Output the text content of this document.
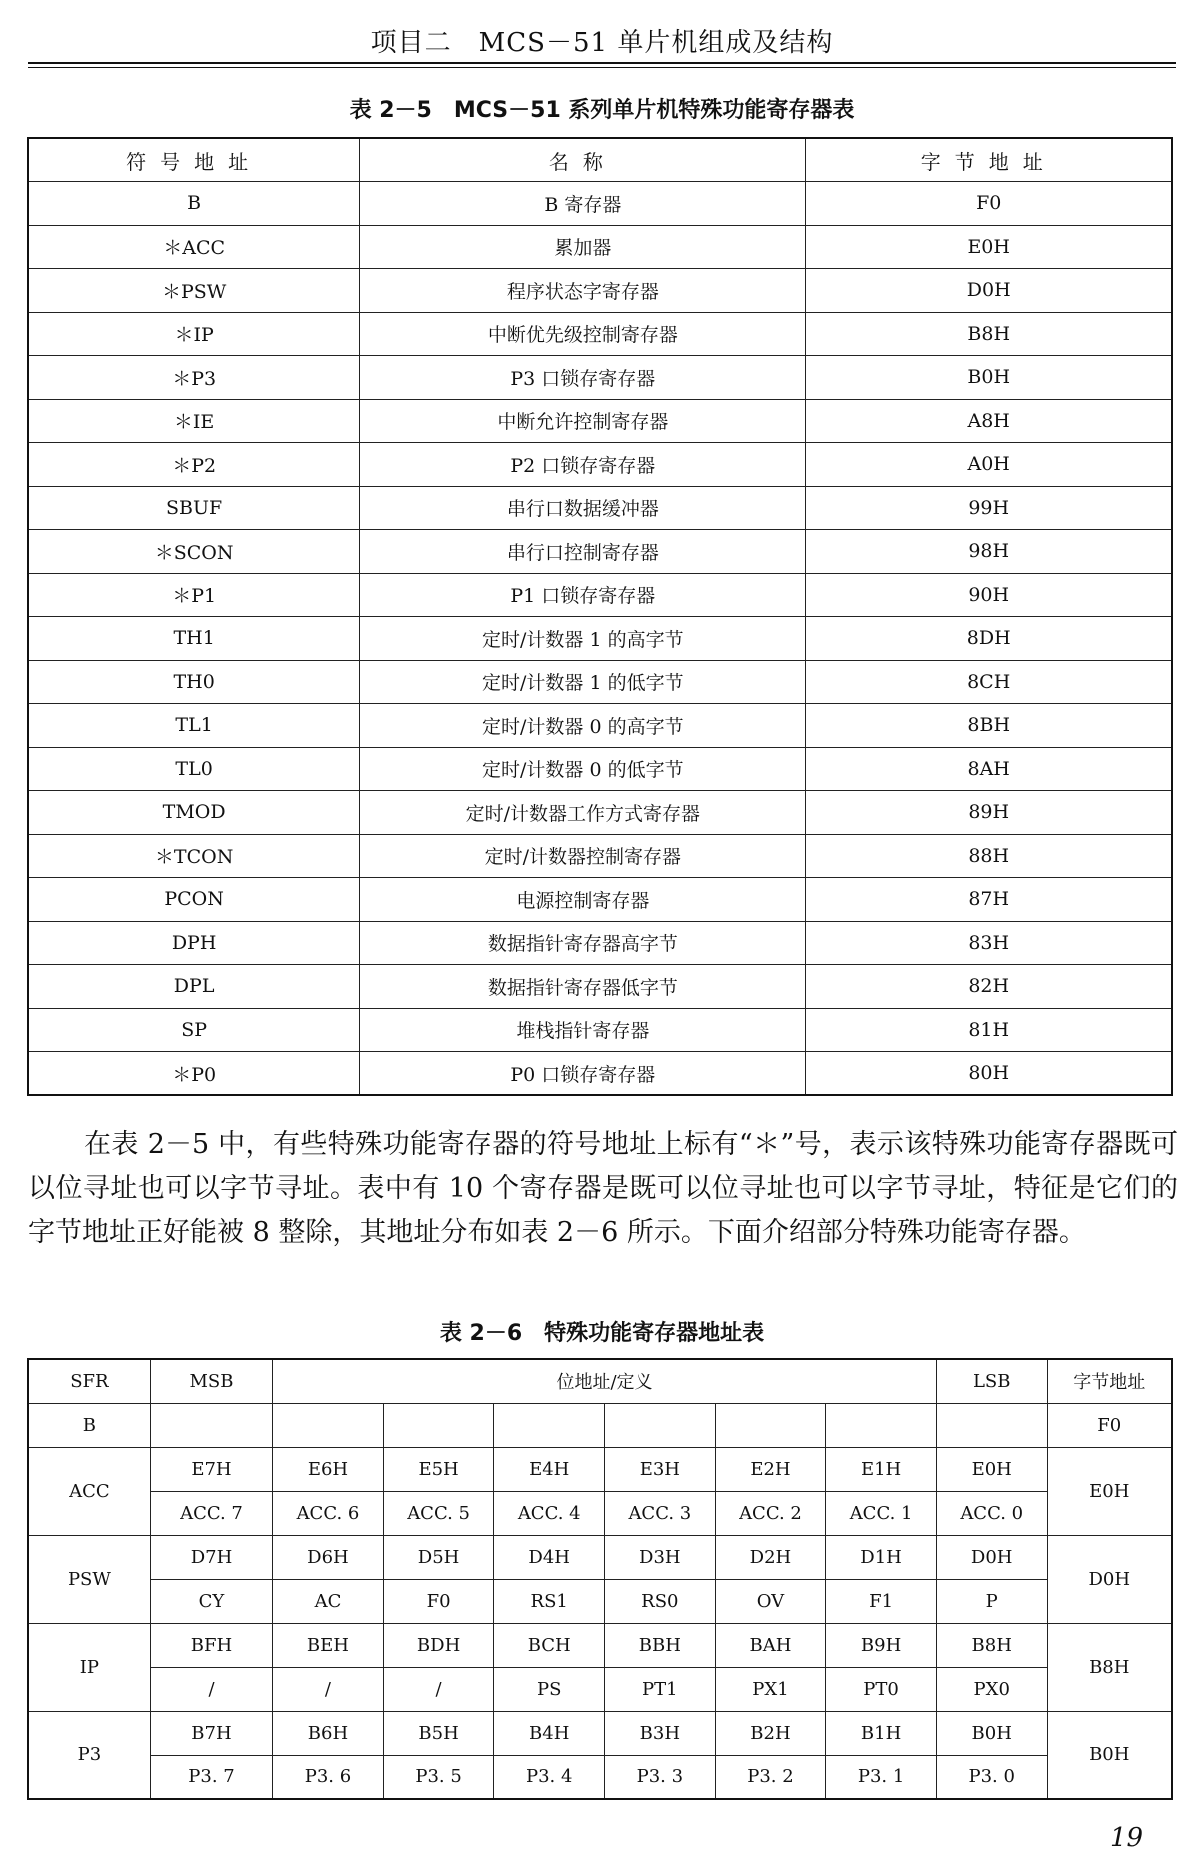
项目二　MCS－51 单片机组成及结构
表 2－5　MCS－51 系列单片机特殊功能寄存器表
符号地址	名称	字节地址
B	B 寄存器	F0
＊ACC	累加器	E0H
＊PSW	程序状态字寄存器	D0H
＊IP	中断优先级控制寄存器	B8H
＊P3	P3 口锁存寄存器	B0H
＊IE	中断允许控制寄存器	A8H
＊P2	P2 口锁存寄存器	A0H
SBUF	串行口数据缓冲器	99H
＊SCON	串行口控制寄存器	98H
＊P1	P1 口锁存寄存器	90H
TH1	定时/计数器 1 的高字节	8DH
TH0	定时/计数器 1 的低字节	8CH
TL1	定时/计数器 0 的高字节	8BH
TL0	定时/计数器 0 的低字节	8AH
TMOD	定时/计数器工作方式寄存器	89H
＊TCON	定时/计数器控制寄存器	88H
PCON	电源控制寄存器	87H
DPH	数据指针寄存器高字节	83H
DPL	数据指针寄存器低字节	82H
SP	堆栈指针寄存器	81H
＊P0	P0 口锁存寄存器	80H
在表 2－5 中，有些特殊功能寄存器的符号地址上标有“＊”号，表示该特殊功能寄存器既可以位寻址也可以字节寻址。表中有 10 个寄存器是既可以位寻址也可以字节寻址，特征是它们的字节地址正好能被 8 整除，其地址分布如表 2－6 所示。下面介绍部分特殊功能寄存器。
表 2－6　特殊功能寄存器地址表
SFR	MSB	位地址/定义						LSB	字节地址
B									F0
ACC	E7H	E6H	E5H	E4H	E3H	E2H	E1H	E0H	E0H
	ACC. 7	ACC. 6	ACC. 5	ACC. 4	ACC. 3	ACC. 2	ACC. 1	ACC. 0	
PSW	D7H	D6H	D5H	D4H	D3H	D2H	D1H	D0H	D0H
	CY	AC	F0	RS1	RS0	OV	F1	P	
IP	BFH	BEH	BDH	BCH	BBH	BAH	B9H	B8H	B8H
	/	/	/	PS	PT1	PX1	PT0	PX0	
P3	B7H	B6H	B5H	B4H	B3H	B2H	B1H	B0H	B0H
	P3. 7	P3. 6	P3. 5	P3. 4	P3. 3	P3. 2	P3. 1	P3. 0	
19
